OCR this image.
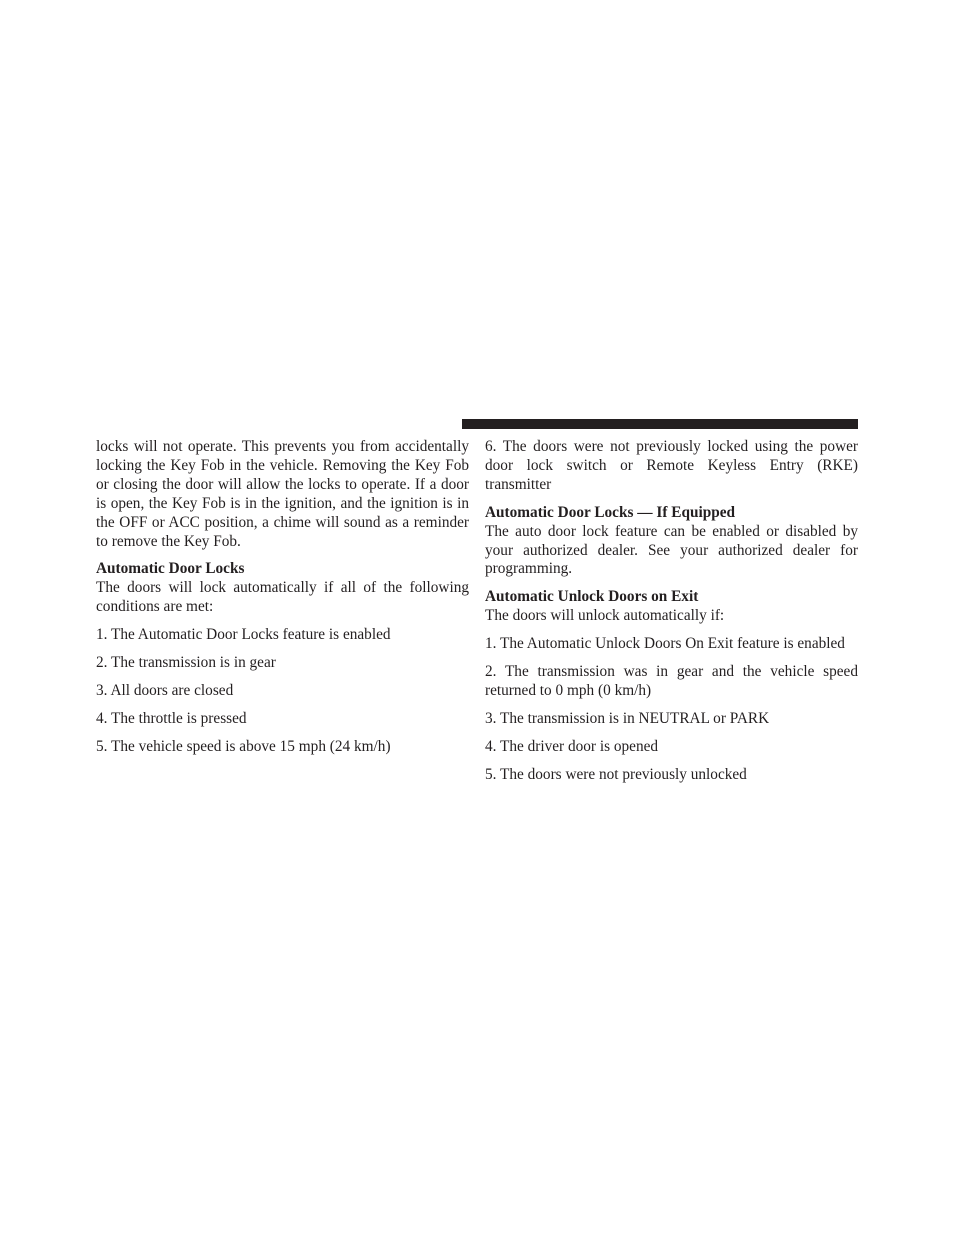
locks will not operate. This prevents you from accidentally locking the Key Fob in the vehicle. Removing the Key Fob or closing the door will allow the locks to operate. If a door is open, the Key Fob is in the ignition, and the ignition is in the OFF or ACC position, a chime will sound as a reminder to remove the Key Fob.

Automatic Door Locks

The doors will lock automatically if all of the following conditions are met:

1. The Automatic Door Locks feature is enabled

2. The transmission is in gear

3. All doors are closed

4. The throttle is pressed

5. The vehicle speed is above 15 mph (24 km/h)

6. The doors were not previously locked using the power door lock switch or Remote Keyless Entry (RKE) transmitter

Automatic Door Locks — If Equipped

The auto door lock feature can be enabled or disabled by your authorized dealer. See your authorized dealer for programming.

Automatic Unlock Doors on Exit

The doors will unlock automatically if:

1. The Automatic Unlock Doors On Exit feature is enabled

2. The transmission was in gear and the vehicle speed returned to 0 mph (0 km/h)

3. The transmission is in NEUTRAL or PARK

4. The driver door is opened

5. The doors were not previously unlocked
